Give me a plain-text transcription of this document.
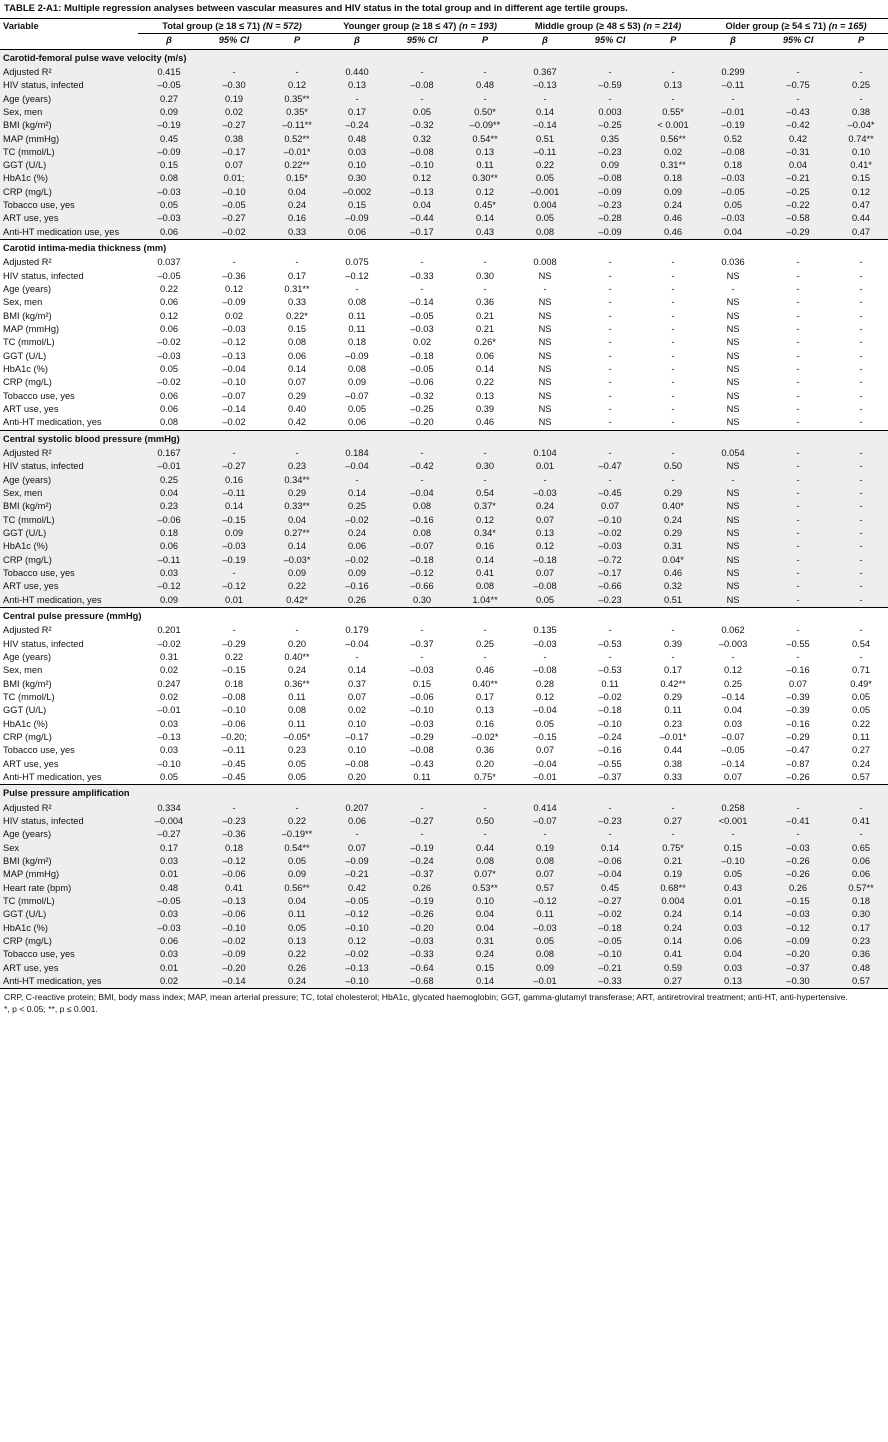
TABLE 2-A1: Multiple regression analyses between vascular measures and HIV status in the total group and in different age tertile groups.
Variable	Total group (≥ 18 ≤ 71) (N = 572)			Younger group (≥ 18 ≤ 47) (n = 193)			Middle group (≥ 48 ≤ 53) (n = 214)			Older group (≥ 54 ≤ 71) (n = 165)		
	β	95% CI	P	β	95% CI	P	β	95% CI	P	β	95% CI	P
Carotid-femoral pulse wave velocity (m/s)												
Adjusted R²	0.415	-	-	0.440	-	-	0.367	-	-	0.299	-	-
HIV status, infected	–0.05	–0.30	0.12	0.13	–0.08	0.48	–0.13	–0.59	0.13	–0.11	–0.75	0.25
Age (years)	0.27	0.19	0.35**	-	-	-	-	-	-	-	-	-
Sex, men	0.09	0.02	0.35*	0.17	0.05	0.50*	0.14	0.003	0.55*	–0.01	–0.43	0.38
BMI (kg/m²)	–0.19	–0.27	–0.11**	–0.24	–0.32	–0.09**	–0.14	–0.25	< 0.001	–0.19	–0.42	–0.04*
MAP (mmHg)	0.45	0.38	0.52**	0.48	0.32	0.54**	0.51	0.35	0.56**	0.52	0.42	0.74**
TC (mmol/L)	–0.09	–0.17	–0.01*	0.03	–0.08	0.13	–0.11	–0.23	0.02	–0.08	–0.31	0.10
GGT (U/L)	0.15	0.07	0.22**	0.10	–0.10	0.11	0.22	0.09	0.31**	0.18	0.04	0.41*
HbA1c (%)	0.08	0.01;	0.15*	0.30	0.12	0.30**	0.05	–0.08	0.18	–0.03	–0.21	0.15
CRP (mg/L)	–0.03	–0.10	0.04	–0.002	–0.13	0.12	–0.001	–0.09	0.09	–0.05	–0.25	0.12
Tobacco use, yes	0.05	–0.05	0.24	0.15	0.04	0.45*	0.004	–0.23	0.24	0.05	–0.22	0.47
ART use, yes	–0.03	–0.27	0.16	–0.09	–0.44	0.14	0.05	–0.28	0.46	–0.03	–0.58	0.44
Anti-HT medication use, yes	0.06	–0.02	0.33	0.06	–0.17	0.43	0.08	–0.09	0.46	0.04	–0.29	0.47
Carotid intima-media thickness (mm)												
Adjusted R²	0.037	-	-	0.075	-	-	0.008	-	-	0.036	-	-
HIV status, infected	–0.05	–0.36	0.17	–0.12	–0.33	0.30	NS	-	-	NS	-	-
Age (years)	0.22	0.12	0.31**	-	-	-	-	-	-	-	-	-
Sex, men	0.06	–0.09	0.33	0.08	–0.14	0.36	NS	-	-	NS	-	-
BMI (kg/m²)	0.12	0.02	0.22*	0.11	–0.05	0.21	NS	-	-	NS	-	-
MAP (mmHg)	0.06	–0.03	0.15	0.11	–0.03	0.21	NS	-	-	NS	-	-
TC (mmol/L)	–0.02	–0.12	0.08	0.18	0.02	0.26*	NS	-	-	NS	-	-
GGT (U/L)	–0.03	–0.13	0.06	–0.09	–0.18	0.06	NS	-	-	NS	-	-
HbA1c (%)	0.05	–0.04	0.14	0.08	–0.05	0.14	NS	-	-	NS	-	-
CRP (mg/L)	–0.02	–0.10	0.07	0.09	–0.06	0.22	NS	-	-	NS	-	-
Tobacco use, yes	0.06	–0.07	0.29	–0.07	–0.32	0.13	NS	-	-	NS	-	-
ART use, yes	0.06	–0.14	0.40	0.05	–0.25	0.39	NS	-	-	NS	-	-
Anti-HT medication, yes	0.08	–0.02	0.42	0.06	–0.20	0.46	NS	-	-	NS	-	-
Central systolic blood pressure (mmHg)												
Adjusted R²	0.167	-	-	0.184	-	-	0.104	-	-	0.054	-	-
HIV status, infected	–0.01	–0.27	0.23	–0.04	–0.42	0.30	0.01	–0.47	0.50	NS	-	-
Age (years)	0.25	0.16	0.34**	-	-	-	-	-	-	-	-	-
Sex, men	0.04	–0.11	0.29	0.14	–0.04	0.54	–0.03	–0.45	0.29	NS	-	-
BMI (kg/m²)	0.23	0.14	0.33**	0.25	0.08	0.37*	0.24	0.07	0.40*	NS	-	-
TC (mmol/L)	–0.06	–0.15	0.04	–0.02	–0.16	0.12	0.07	–0.10	0.24	NS	-	-
GGT (U/L)	0.18	0.09	0.27**	0.24	0.08	0.34*	0.13	–0.02	0.29	NS	-	-
HbA1c (%)	0.06	–0.03	0.14	0.06	–0.07	0.16	0.12	–0.03	0.31	NS	-	-
CRP (mg/L)	–0.11	–0.19	–0.03*	–0.02	–0.18	0.14	–0.18	–0.72	0.04*	NS	-	-
Tobacco use, yes	0.03	-	0.09	0.09	–0.12	0.41	0.07	–0.17	0.46	NS	-	-
ART use, yes	–0.12	–0.12	0.22	–0.16	–0.66	0.08	–0.08	–0.66	0.32	NS	-	-
Anti-HT medication, yes	0.09	0.01	0.42*	0.26	0.30	1.04**	0.05	–0.23	0.51	NS	-	-
Central pulse pressure (mmHg)												
Adjusted R²	0.201	-	-	0.179	-	-	0.135	-	-	0.062	-	-
HIV status, infected	–0.02	–0.29	0.20	–0.04	–0.37	0.25	–0.03	–0.53	0.39	–0.003	–0.55	0.54
Age (years)	0.31	0.22	0.40**	-	-	-	-	-	-	-	-	-
Sex, men	0.02	–0.15	0.24	0.14	–0.03	0.46	–0.08	–0.53	0.17	0.12	–0.16	0.71
BMI (kg/m²)	0.247	0.18	0.36**	0.37	0.15	0.40**	0.28	0.11	0.42**	0.25	0.07	0.49*
TC (mmol/L)	0.02	–0.08	0.11	0.07	–0.06	0.17	0.12	–0.02	0.29	–0.14	–0.39	0.05
GGT (U/L)	–0.01	–0.10	0.08	0.02	–0.10	0.13	–0.04	–0.18	0.11	0.04	–0.39	0.05
HbA1c (%)	0.03	–0.06	0.11	0.10	–0.03	0.16	0.05	–0.10	0.23	0.03	–0.16	0.22
CRP (mg/L)	–0.13	–0.20;	–0.05*	–0.17	–0.29	–0.02*	–0.15	–0.24	–0.01*	–0.07	–0.29	0.11
Tobacco use, yes	0.03	–0.11	0.23	0.10	–0.08	0.36	0.07	–0.16	0.44	–0.05	–0.47	0.27
ART use, yes	–0.10	–0.45	0.05	–0.08	–0.43	0.20	–0.04	–0.55	0.38	–0.14	–0.87	0.24
Anti-HT medication, yes	0.05	–0.45	0.05	0.20	0.11	0.75*	–0.01	–0.37	0.33	0.07	–0.26	0.57
Pulse pressure amplification												
Adjusted R²	0.334	-	-	0.207	-	-	0.414	-	-	0.258	-	-
HIV status, infected	–0.004	–0.23	0.22	0.06	–0.27	0.50	–0.07	–0.23	0.27	<0.001	–0.41	0.41
Age (years)	–0.27	–0.36	–0.19**	-	-	-	-	-	-	-	-	-
Sex	0.17	0.18	0.54**	0.07	–0.19	0.44	0.19	0.14	0.75*	0.15	–0.03	0.65
BMI (kg/m²)	0.03	–0.12	0.05	–0.09	–0.24	0.08	0.08	–0.06	0.21	–0.10	–0.26	0.06
MAP (mmHg)	0.01	–0.06	0.09	–0.21	–0.37	0.07*	0.07	–0.04	0.19	0.05	–0.26	0.06
Heart rate (bpm)	0.48	0.41	0.56**	0.42	0.26	0.53**	0.57	0.45	0.68**	0.43	0.26	0.57**
TC (mmol/L)	–0.05	–0.13	0.04	–0.05	–0.19	0.10	–0.12	–0.27	0.004	0.01	–0.15	0.18
GGT (U/L)	0.03	–0.06	0.11	–0.12	–0.26	0.04	0.11	–0.02	0.24	0.14	–0.03	0.30
HbA1c (%)	–0.03	–0.10	0.05	–0.10	–0.20	0.04	–0.03	–0.18	0.24	0.03	–0.12	0.17
CRP (mg/L)	0.06	–0.02	0.13	0.12	–0.03	0.31	0.05	–0.05	0.14	0.06	–0.09	0.23
Tobacco use, yes	0.03	–0.09	0.22	–0.02	–0.33	0.24	0.08	–0.10	0.41	0.04	–0.20	0.36
ART use, yes	0.01	–0.20	0.26	–0.13	–0.64	0.15	0.09	–0.21	0.59	0.03	–0.37	0.48
Anti-HT medication, yes	0.02	–0.14	0.24	–0.10	–0.68	0.14	–0.01	–0.33	0.27	0.13	–0.30	0.57
CRP, C-reactive protein; BMI, body mass index; MAP, mean arterial pressure; TC, total cholesterol; HbA1c, glycated haemoglobin; GGT, gamma-glutamyl transferase; ART, antiretroviral treatment; anti-HT, anti-hypertensive.
*, p < 0.05; **, p ≤ 0.001.
